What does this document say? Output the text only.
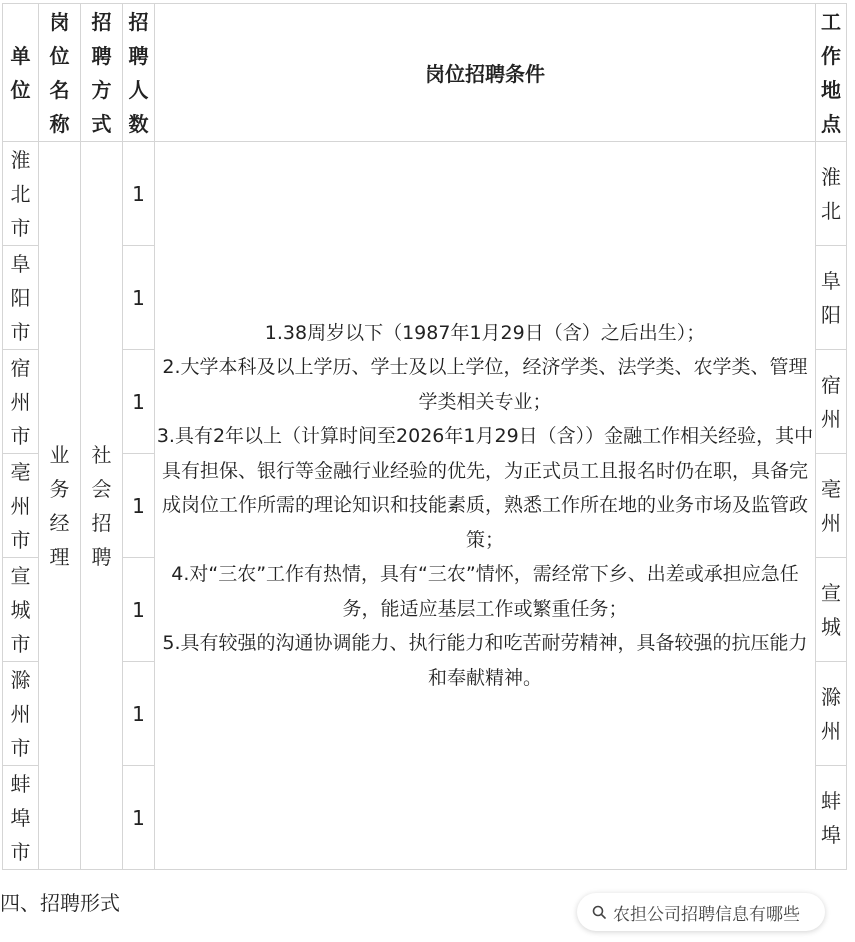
单位	岗位名称	招聘方式	招聘人数	岗位招聘条件	工作地点

淮北市	业务经理	社会招聘	1	1.38周岁以下（1987年1月29日（含）之后出生）；

2.大学本科及以上学历、学士及以上学位，经济学类、法学类、农学类、管理学类相关专业；

3.具有2年以上（计算时间至2026年1月29日（含））金融工作相关经验，其中具有担保、银行等金融行业经验的优先，为正式员工且报名时仍在职，具备完成岗位工作所需的理论知识和技能素质，熟悉工作所在地的业务市场及监管政策；

4.对“三农”工作有热情，具有“三农”情怀，需经常下乡、出差或承担应急任务，能适应基层工作或繁重任务；

5.具有较强的沟通协调能力、执行能力和吃苦耐劳精神，具备较强的抗压能力和奉献精神。	淮北

阜阳市			1		阜阳

宿州市			1		宿州

亳州市			1		亳州

宣城市			1		宣城

滁州市			1		滁州

蚌埠市			1		蚌埠
四、招聘形式	农担公司招聘信息有哪些
